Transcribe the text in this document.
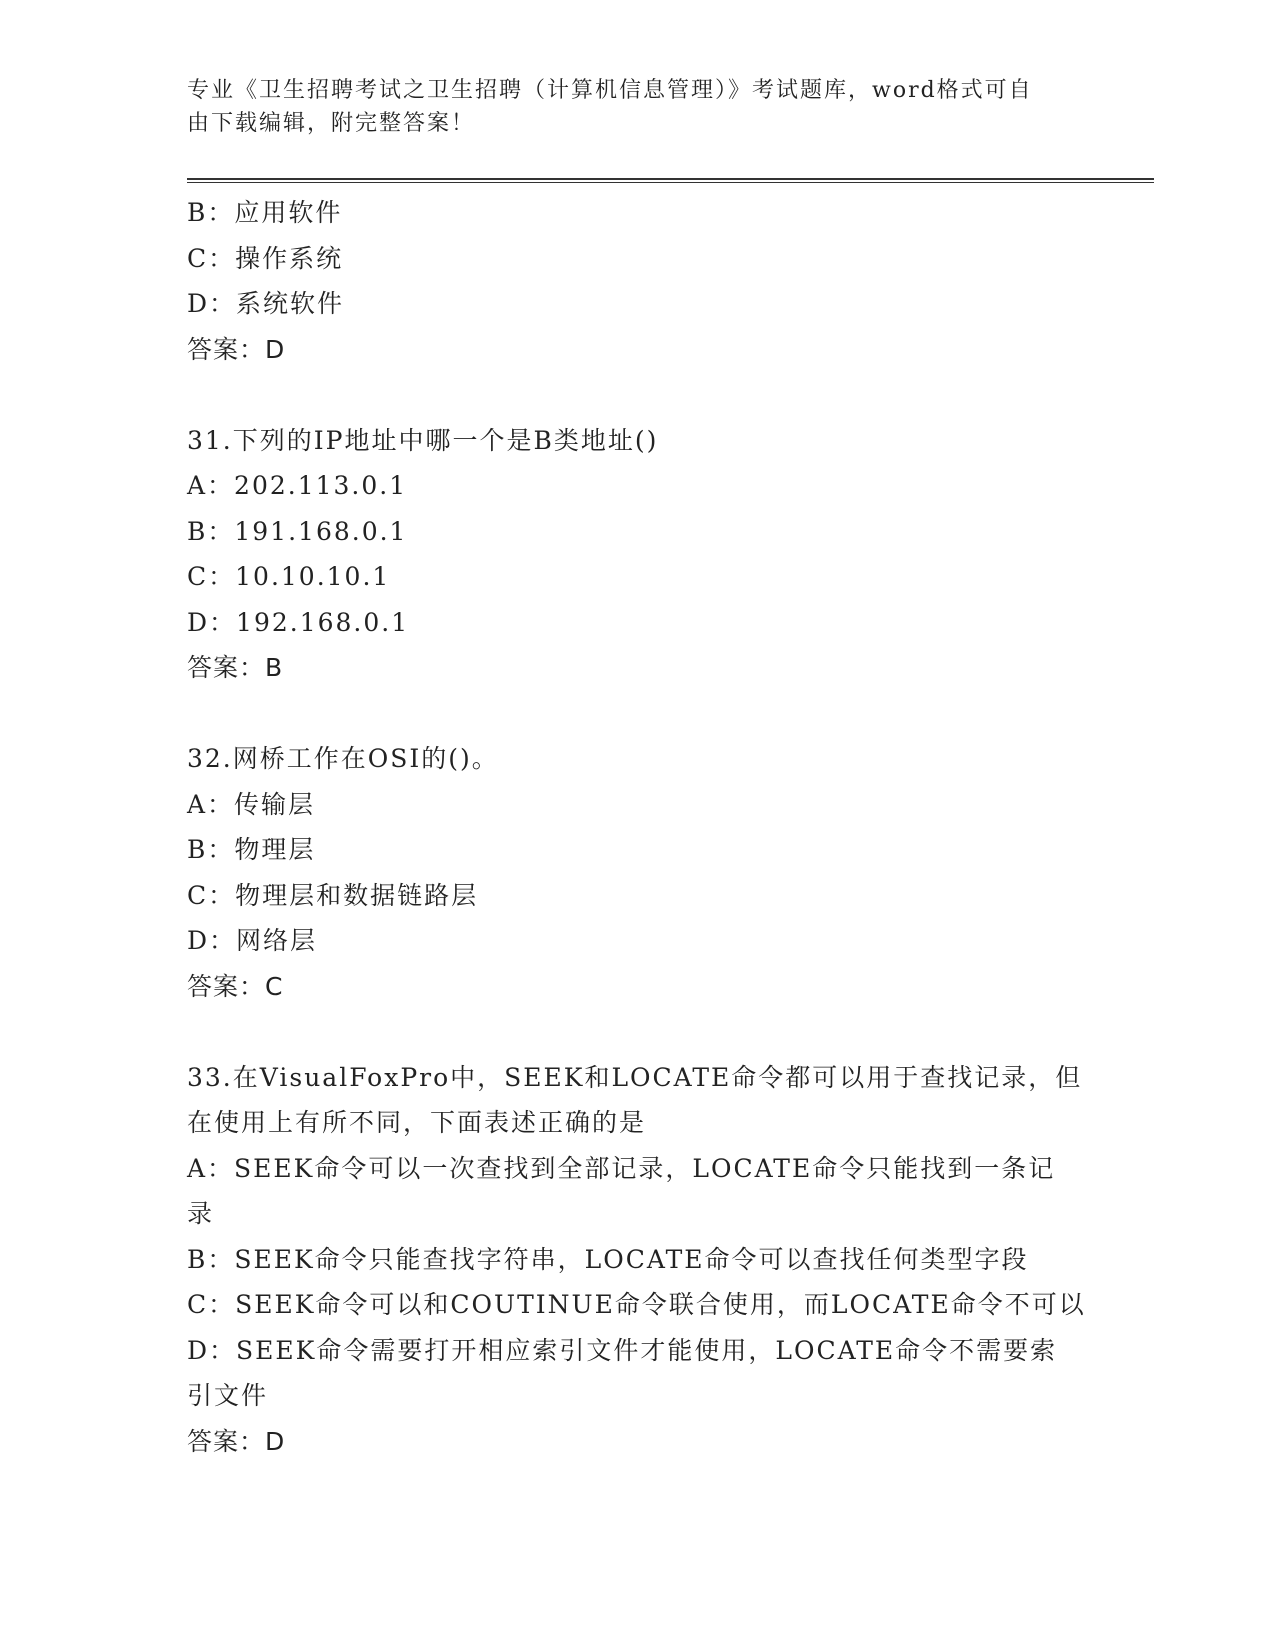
专业《卫生招聘考试之卫生招聘（计算机信息管理）》考试题库，word格式可自

由下载编辑，附完整答案！

B：应用软件

C：操作系统

D：系统软件

答案：D

31.下列的IP地址中哪一个是B类地址()

A：202.113.0.1

B：191.168.0.1

C：10.10.10.1

D：192.168.0.1

答案：B

32.网桥工作在OSI的()。

A：传输层

B：物理层

C：物理层和数据链路层

D：网络层

答案：C

33.在VisualFoxPro中，SEEK和LOCATE命令都可以用于查找记录，但

在使用上有所不同，下面表述正确的是

A：SEEK命令可以一次查找到全部记录，LOCATE命令只能找到一条记

录

B：SEEK命令只能查找字符串，LOCATE命令可以查找任何类型字段

C：SEEK命令可以和COUTINUE命令联合使用，而LOCATE命令不可以

D：SEEK命令需要打开相应索引文件才能使用，LOCATE命令不需要索

引文件

答案：D
